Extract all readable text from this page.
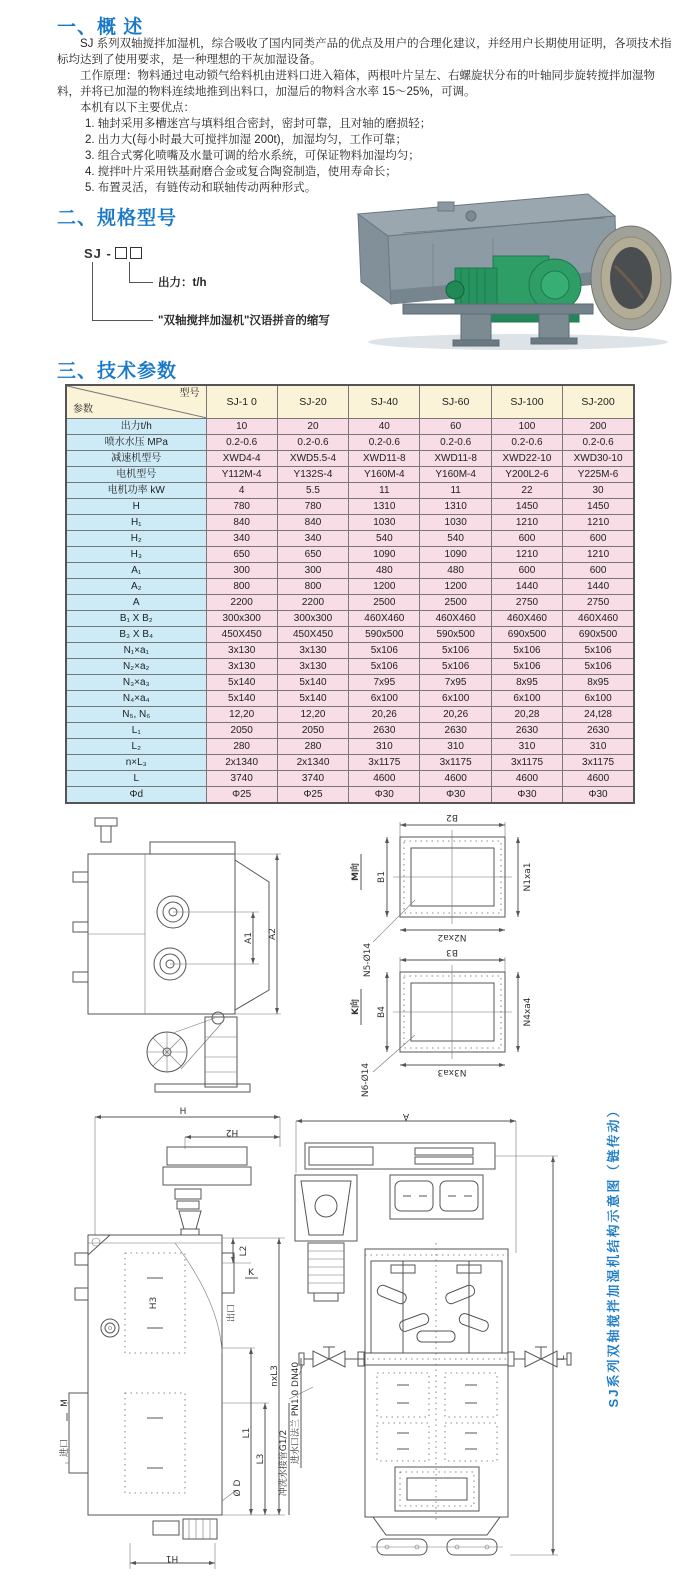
一、概 述

SJ 系列双轴搅拌加湿机，综合吸收了国内同类产品的优点及用户的合理化建议，并经用户长期使用证明，各项技术指标均达到了使用要求，是一种理想的干灰加湿设备。

工作原理：物料通过电动锁气给料机由进料口进入箱体，两根叶片呈左、右螺旋状分布的叶轴同步旋转搅拌加湿物料，并将已加湿的物料连续地推到出料口，加湿后的物料含水率 15～25%，可调。

本机有以下主要优点：

1. 轴封采用多槽迷宫与填料组合密封，密封可靠，且对轴的磨损轻；
2. 出力大(每小时最大可搅拌加湿 200t)，加湿均匀，工作可靠；
3. 组合式雾化喷嘴及水量可调的给水系统，可保证物料加湿均匀；
4. 搅拌叶片采用铁基耐磨合金或复合陶瓷制造，使用寿命长；
5. 布置灵活，有链传动和联轴传动两种形式。
二、规格型号
SJ -
出力：t/h
"双轴搅拌加湿机"汉语拼音的缩写
三、技术参数
型号
参数	SJ-1 0	SJ-20	SJ-40	SJ-60	SJ-100	SJ-200
出力t/h	10	20	40	60	100	200
喷水水压 MPa	0.2-0.6	0.2-0.6	0.2-0.6	0.2-0.6	0.2-0.6	0.2-0.6
减速机型号	XWD4-4	XWD5.5-4	XWD11-8	XWD11-8	XWD22-10	XWD30-10
电机型号	Y112M-4	Y132S-4	Y160M-4	Y160M-4	Y200L2-6	Y225M-6
电机功率 kW	4	5.5	11	11	22	30
H	780	780	1310	1310	1450	1450
H₁	840	840	1030	1030	1210	1210
H₂	340	340	540	540	600	600
H₃	650	650	1090	1090	1210	1210
A₁	300	300	480	480	600	600
A₂	800	800	1200	1200	1440	1440
A	2200	2200	2500	2500	2750	2750
B₁ X B₂	300x300	300x300	460X460	460X460	460X460	460X460
B₃ X B₄	450X450	450X450	590x500	590x500	690x500	690x500
N₁×a₁	3x130	3x130	5x106	5x106	5x106	5x106
N₂×a₂	3x130	3x130	5x106	5x106	5x106	5x106
N₃×a₃	5x140	5x140	7x95	7x95	8x95	8x95
N₄×a₄	5x140	5x140	6x100	6x100	6x100	6x100
N₅, N₆	12,20	12,20	20,26	20,26	20,28	24,t28
L₁	2050	2050	2630	2630	2630	2630
L₂	280	280	310	310	310	310
n×L₃	2x1340	2x1340	3x1175	3x1175	3x1175	3x1175
L	3740	3740	4600	4600	4600	4600
Φd	Φ25	Φ25	Φ30	Φ30	Φ30	Φ30
A1 A2
M向
B2
B1	N1xa1
N2xa2
N5-Ø14
K向
B3
B4	N4xa4
N3xa3
N6-Ø14
H
H2
进口
M
H3
出口
L2
K
L1
L3
nxL3
Ø D
H1
A
进水口法兰 PN1.0 DN40
冲洗水接管G1/2
L	SJ系列双轴搅拌加湿机结构示意图（链传动）
